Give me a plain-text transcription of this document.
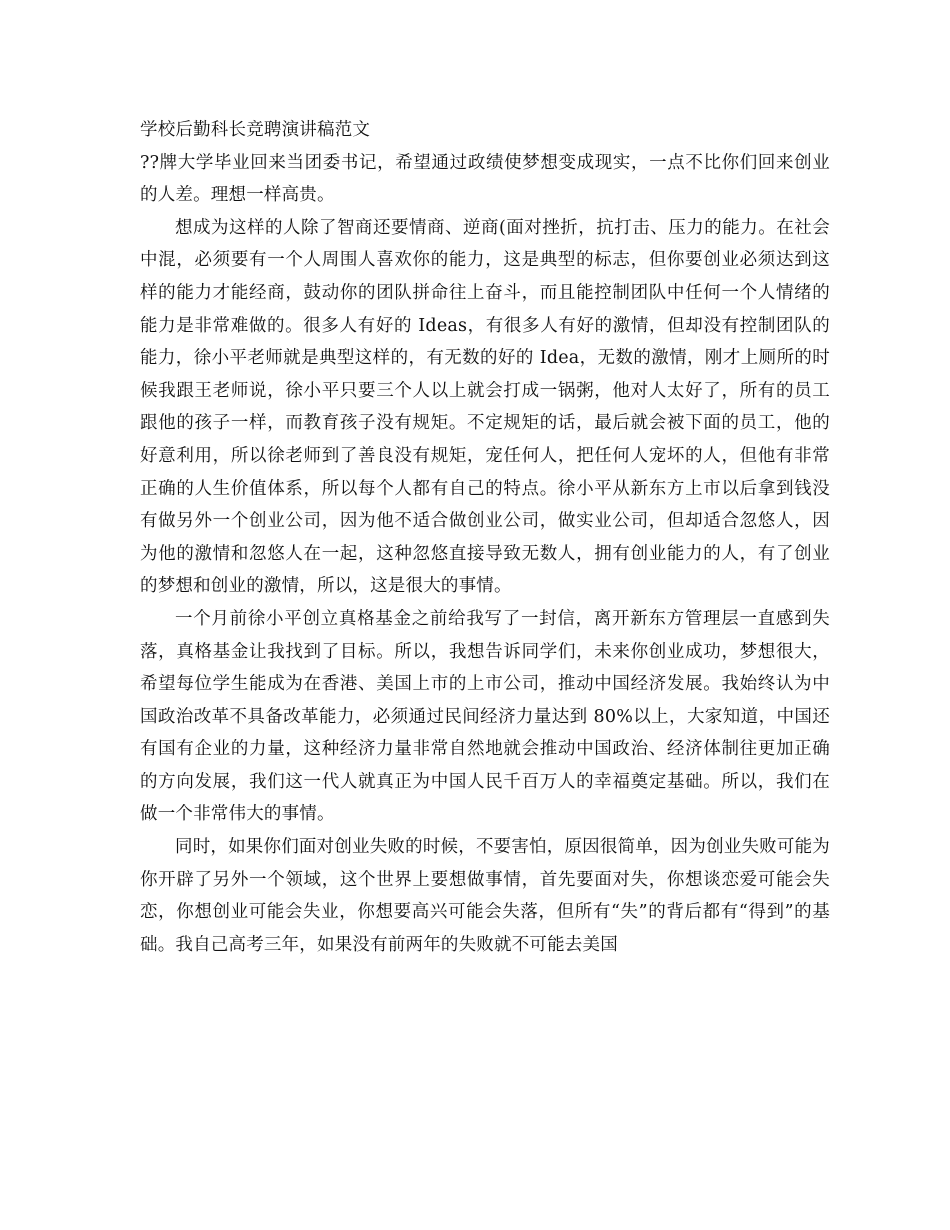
学校后勤科长竞聘演讲稿范文

??牌大学毕业回来当团委书记，希望通过政绩使梦想变成现实，一点不比你们回来创业的人差。理想一样高贵。

想成为这样的人除了智商还要情商、逆商(面对挫折，抗打击、压力的能力。在社会中混，必须要有一个人周围人喜欢你的能力，这是典型的标志，但你要创业必须达到这样的能力才能经商，鼓动你的团队拼命往上奋斗，而且能控制团队中任何一个人情绪的能力是非常难做的。很多人有好的 Ideas，有很多人有好的激情，但却没有控制团队的能力，徐小平老师就是典型这样的，有无数的好的 Idea，无数的激情，刚才上厕所的时候我跟王老师说，徐小平只要三个人以上就会打成一锅粥，他对人太好了，所有的员工跟他的孩子一样，而教育孩子没有规矩。不定规矩的话，最后就会被下面的员工，他的好意利用，所以徐老师到了善良没有规矩，宠任何人，把任何人宠坏的人，但他有非常正确的人生价值体系，所以每个人都有自己的特点。徐小平从新东方上市以后拿到钱没有做另外一个创业公司，因为他不适合做创业公司，做实业公司，但却适合忽悠人，因为他的激情和忽悠人在一起，这种忽悠直接导致无数人，拥有创业能力的人，有了创业的梦想和创业的激情，所以，这是很大的事情。

一个月前徐小平创立真格基金之前给我写了一封信，离开新东方管理层一直感到失落，真格基金让我找到了目标。所以，我想告诉同学们，未来你创业成功，梦想很大，希望每位学生能成为在香港、美国上市的上市公司，推动中国经济发展。我始终认为中国政治改革不具备改革能力，必须通过民间经济力量达到 80%以上，大家知道，中国还有国有企业的力量，这种经济力量非常自然地就会推动中国政治、经济体制往更加正确的方向发展，我们这一代人就真正为中国人民千百万人的幸福奠定基础。所以，我们在做一个非常伟大的事情。

同时，如果你们面对创业失败的时候，不要害怕，原因很简单，因为创业失败可能为你开辟了另外一个领域，这个世界上要想做事情，首先要面对失，你想谈恋爱可能会失恋，你想创业可能会失业，你想要高兴可能会失落，但所有“失”的背后都有“得到”的基础。我自己高考三年，如果没有前两年的失败就不可能去美国
